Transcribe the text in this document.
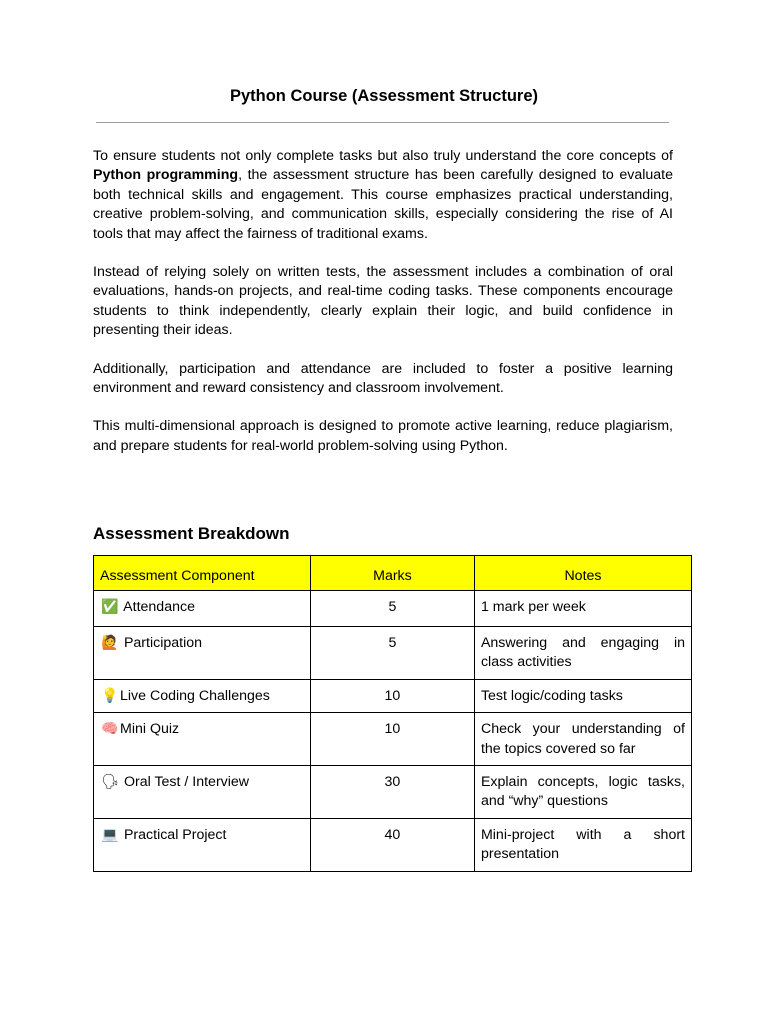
Python Course (Assessment Structure)

To ensure students not only complete tasks but also truly understand the core concepts of Python programming, the assessment structure has been carefully designed to evaluate both technical skills and engagement. This course emphasizes practical understanding, creative problem-solving, and communication skills, especially considering the rise of AI tools that may affect the fairness of traditional exams.

Instead of relying solely on written tests, the assessment includes a combination of oral evaluations, hands-on projects, and real-time coding tasks. These components encourage students to think independently, clearly explain their logic, and build confidence in presenting their ideas.

Additionally, participation and attendance are included to foster a positive learning environment and reward consistency and classroom involvement.

This multi-dimensional approach is designed to promote active learning, reduce plagiarism, and prepare students for real-world problem-solving using Python.

Assessment Breakdown
Assessment Component	Marks	Notes
✅ Attendance	5	1 mark per week
🙋 Participation	5	Answering and engaging in class activities
💡Live Coding Challenges	10	Test logic/coding tasks
🧠Mini Quiz	10	Check your understanding of the topics covered so far
🗣 Oral Test / Interview	30	Explain concepts, logic tasks, and “why” questions
💻 Practical Project	40	Mini-project with a short presentation
